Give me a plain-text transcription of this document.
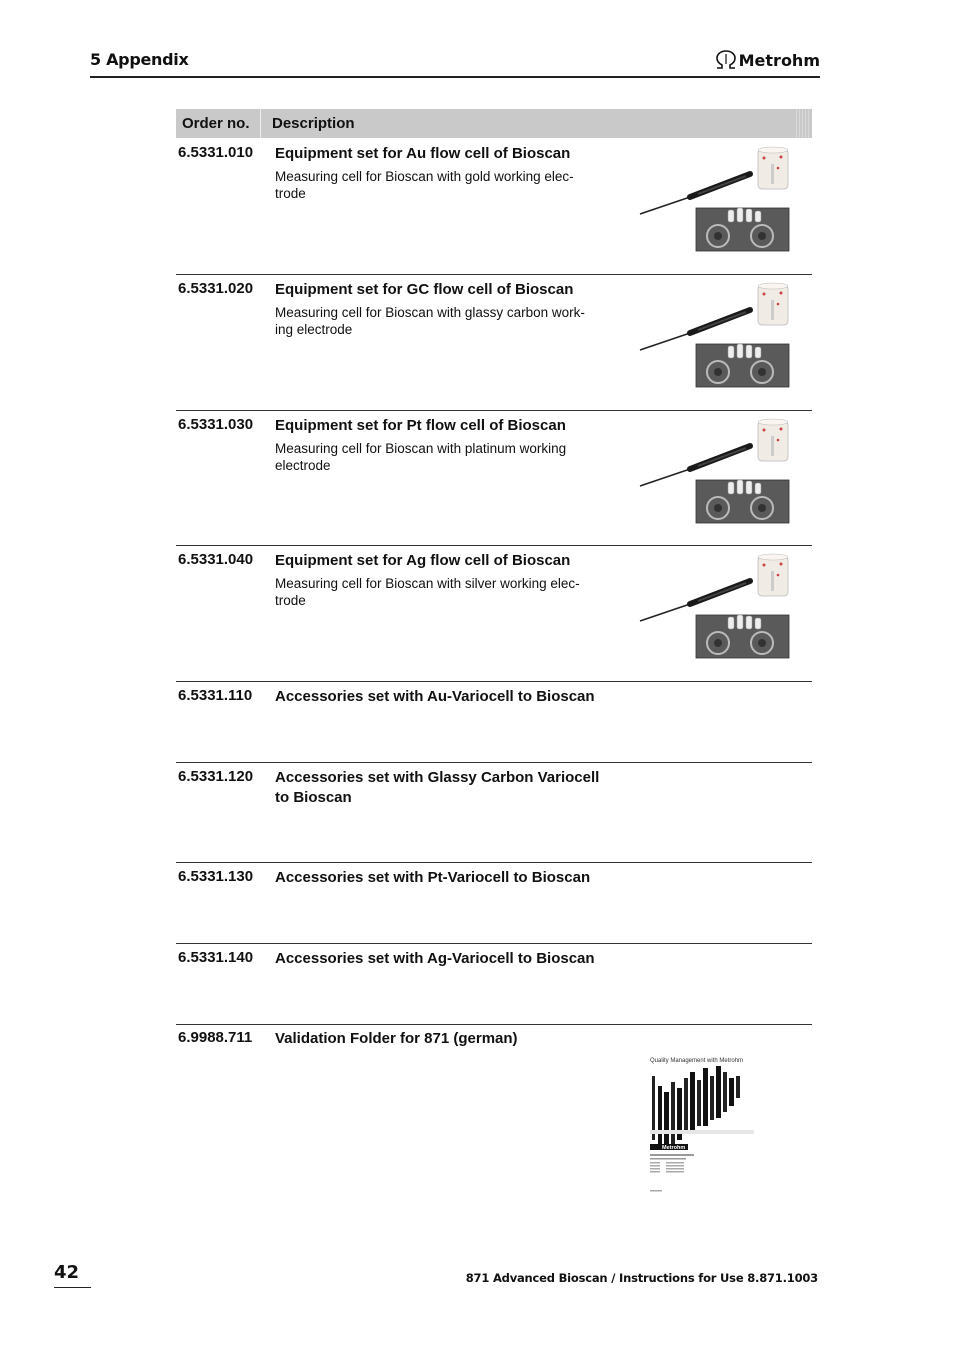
5 Appendix	Metrohm
Order no.	Description
6.5331.010 Equipment set for Au flow cell of Bioscan
Measuring cell for Bioscan with gold working elec-
trode
6.5331.020 Equipment set for GC flow cell of Bioscan
Measuring cell for Bioscan with glassy carbon work-
ing electrode
6.5331.030 Equipment set for Pt flow cell of Bioscan
Measuring cell for Bioscan with platinum working
electrode
6.5331.040 Equipment set for Ag flow cell of Bioscan
Measuring cell for Bioscan with silver working elec-
trode
6.5331.110 Accessories set with Au-Variocell to Bioscan
6.5331.120 Accessories set with Glassy Carbon Variocell
to Bioscan
6.5331.130 Accessories set with Pt-Variocell to Bioscan
6.5331.140 Accessories set with Ag-Variocell to Bioscan
6.9988.711 Validation Folder for 871 (german)
Quality Management with Metrohm
Metrohm
42	871 Advanced Bioscan / Instructions for Use 8.871.1003
